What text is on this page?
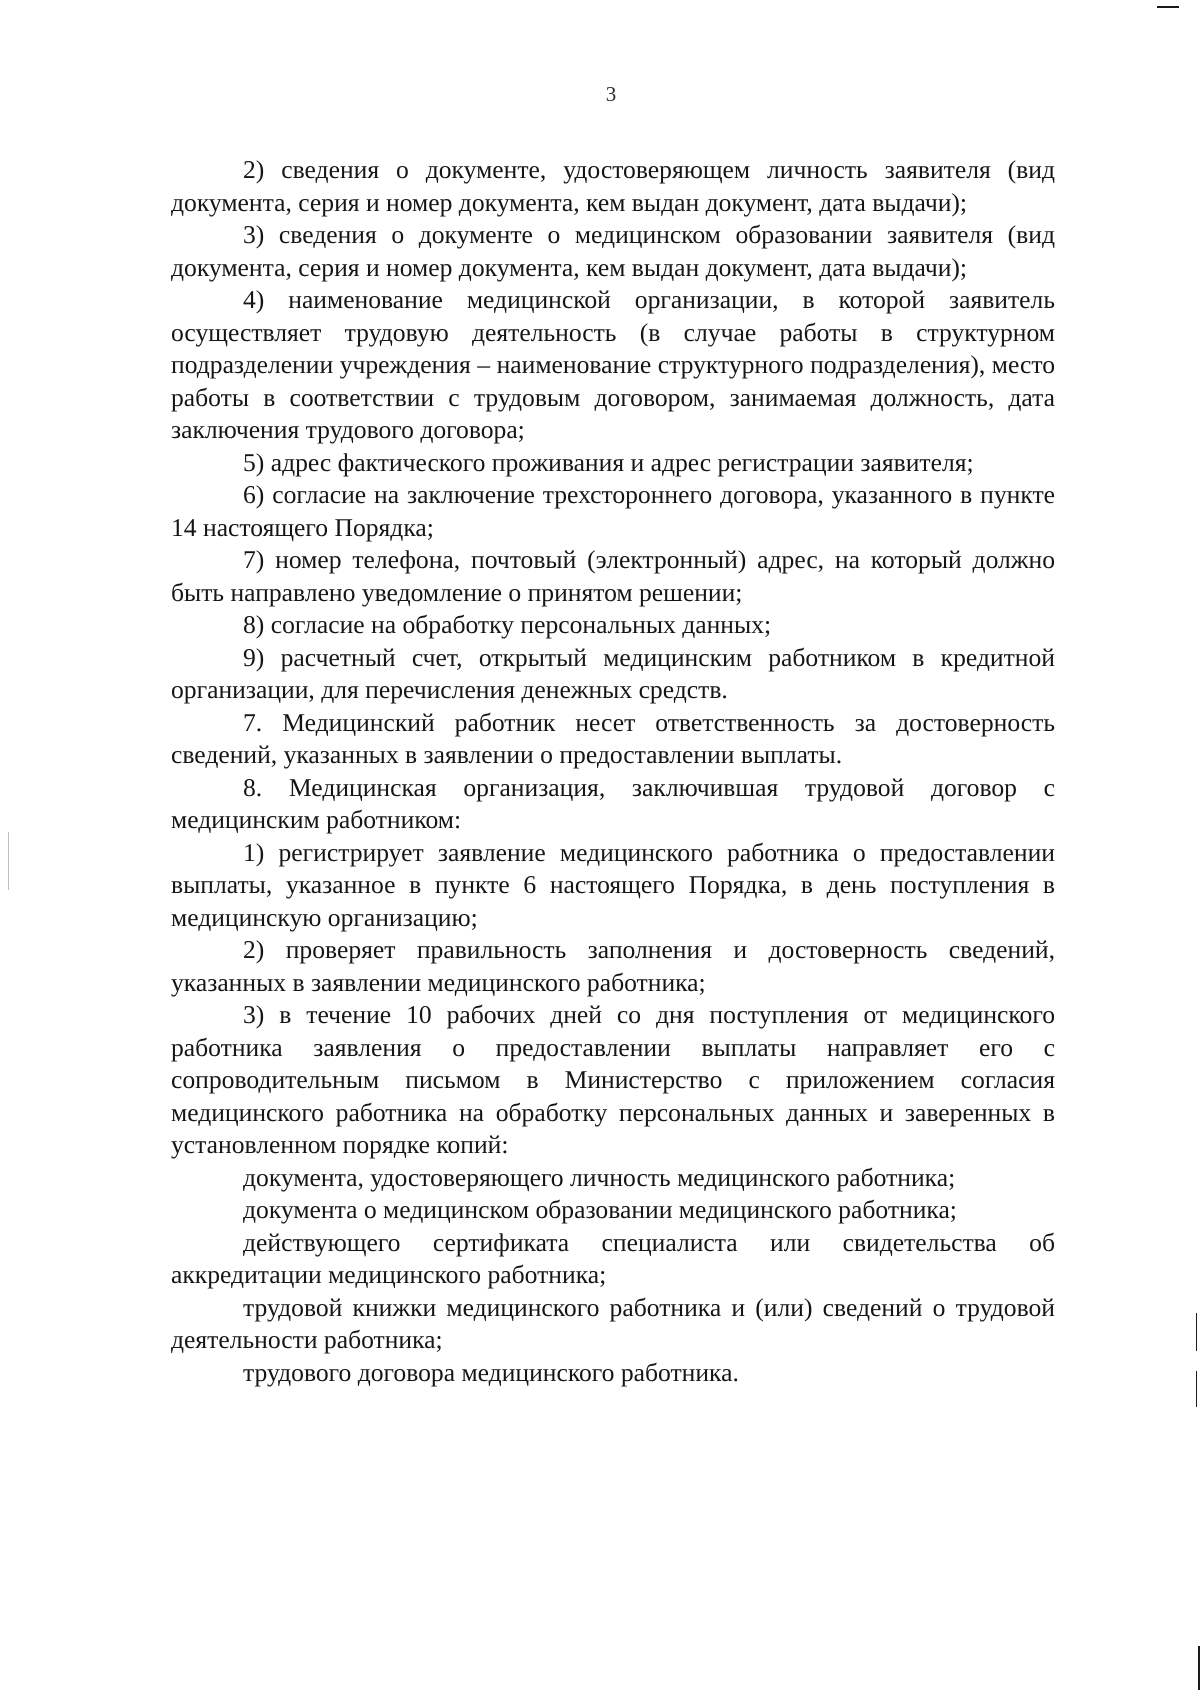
3

2) сведения о документе, удостоверяющем личность заявителя (вид документа, серия и номер документа, кем выдан документ, дата выдачи);

3) сведения о документе о медицинском образовании заявителя (вид документа, серия и номер документа, кем выдан документ, дата выдачи);

4) наименование медицинской организации, в которой заявитель осуществляет трудовую деятельность (в случае работы в структурном подразделении учреждения – наименование структурного подразделения), место работы в соответствии с трудовым договором, занимаемая должность, дата заключения трудового договора;

5) адрес фактического проживания и адрес регистрации заявителя;

6) согласие на заключение трехстороннего договора, указанного в пункте 14 настоящего Порядка;

7) номер телефона, почтовый (электронный) адрес, на который должно быть направлено уведомление о принятом решении;

8) согласие на обработку персональных данных;

9) расчетный счет, открытый медицинским работником в кредитной организации, для перечисления денежных средств.

7. Медицинский работник несет ответственность за достоверность сведений, указанных в заявлении о предоставлении выплаты.

8. Медицинская организация, заключившая трудовой договор с медицинским работником:

1) регистрирует заявление медицинского работника о предоставлении выплаты, указанное в пункте 6 настоящего Порядка, в день поступления в медицинскую организацию;

2) проверяет правильность заполнения и достоверность сведений, указанных в заявлении медицинского работника;

3) в течение 10 рабочих дней со дня поступления от медицинского работника заявления о предоставлении выплаты направляет его с сопроводительным письмом в Министерство с приложением согласия медицинского работника на обработку персональных данных и заверенных в установленном порядке копий:

документа, удостоверяющего личность медицинского работника;

документа о медицинском образовании медицинского работника;

действующего сертификата специалиста или свидетельства об аккредитации медицинского работника;

трудовой книжки медицинского работника и (или) сведений о трудовой деятельности работника;

трудового договора медицинского работника.
